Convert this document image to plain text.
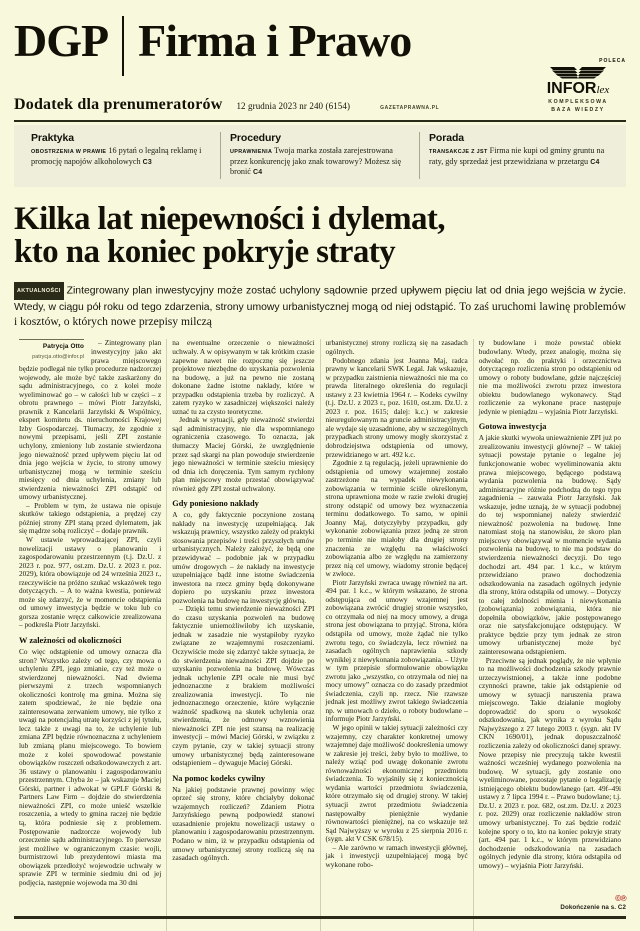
DGP Firma i Prawo	POLECA
INFORlex
KOMPLEKSOWA
BAZA WIEDZY
Dodatek dla prenumeratorów 12 grudnia 2023 nr 240 (6154)	GAZETAPRAWNA.PL
Praktyka
OBOSTRZENIA W PRAWIE 16 pytań o legalną reklamę i promocję napojów alkoholowych C3
Procedury
UPRAWNIENIA Twoja marka została zarejestrowana przez konkurencję jako znak towarowy? Możesz się bronić C4
Porada
TRANSAKCJE Z JST Firma nie kupi od gminy gruntu na raty, gdy sprzedaż jest przewidziana w przetargu C4
Kilka lat niepewności i dylemat,
kto na koniec pokryje straty
AKTUALNOŚCI Zintegrowany plan inwestycyjny może zostać uchylony sądownie przed upływem pięciu lat od dnia jego wejścia w życie. Wtedy, w ciągu pół roku od tego zdarzenia, strony umowy urbanistycznej mogą od niej odstąpić. To zaś uruchomi lawinę problemów i kosztów, o których nowe przepisy milczą
Patrycja Otto
patrycja.otto@infor.pl

– Zintegrowany plan inwestycyjny jako akt prawa miejscowego będzie podlegał nie tylko procedurze nadzorczej wojewody, ale może być także zaskarżony do sądu administracyjnego, co z kolei może wyeliminować go – w całości lub w części – z obrotu prawnego – mówi Piotr Jarzyński, prawnik z Kancelarii Jarzyński & Wspólnicy, ekspert komitetu ds. nieruchomości Krajowej Izby Gospodarczej. Tłumaczy, że zgodnie z nowymi przepisami, jeśli ZPI zostanie uchylony, zmieniony lub zostanie stwierdzona jego nieważność przed upływem pięciu lat od dnia jego wejścia w życie, to strony umowy urbanistycznej mogą w terminie sześciu miesięcy od dnia uchylenia, zmiany lub stwierdzenia nieważności ZPI odstąpić od umowy urbanistycznej.

– Problem w tym, że ustawa nie opisuje skutków takiego odstąpienia, a prędzej czy później strony ZPI staną przed dylematem, jak się mądrze sobą rozliczyć – dodaje prawnik.

W ustawie wprowadzającej ZPI, czyli nowelizacji ustawy o planowaniu i zagospodarowaniu przestrzennym (t.j. Dz.U. z 2023 r. poz. 977, ost.zm. Dz.U. z 2023 r. poz. 2029), która obowiązuje od 24 września 2023 r., rzeczywiście na próżno szukać wskazówek tego dotyczących. – A to ważna kwestia, ponieważ może się zdarzyć, że w momencie odstąpienia od umowy inwestycja będzie w toku lub co gorsza zostanie wręcz całkowicie zrealizowana – podkreśla Piotr Jarzyński.

W zależności od okoliczności

Co więc odstąpienie od umowy oznacza dla stron? Wszystko zależy od tego, czy mowa o uchyleniu ZPI, jego zmianie, czy też może o stwierdzonej nieważności. Nad dwiema pierwszymi z trzech wspomnianych okoliczności kontrolę ma gmina. Można się zatem spodziewać, że nie będzie ona zainteresowana zerwaniem umowy, nie tylko z uwagi na potencjalną utratę korzyści z jej tytułu, lecz także z uwagi na to, że uchylenie lub zmiana ZPI będzie równoznaczna z uchyleniem lub zmianą planu miejscowego. To bowiem może z kolei spowodować powstanie obowiązków roszczeń odszkodowawczych z art. 36 ustawy o planowaniu i zagospodarowaniu przestrzennym. Chyba że – jak wskazuje Maciej Górski, partner i adwokat w GPLF Górski & Partners Law Firm – dojdzie do stwierdzenia nieważności ZPI, co może unieść wszelkie roszczenia, a wtedy to gmina raczej nie będzie tą, która podniesie się z problemem. Postępowanie nadzorcze wojewody lub orzeczenie sądu administracyjnego. To pierwsze jest możliwe w ograniczonym czasie: wojli, burmistrzowi lub prezydentowi miasta ma obowiązek przedłożyć wojewodzie uchwały w sprawie ZPI w terminie siedmiu dni od jej podjęcia, następnie wojewoda ma 30 dni

na ewentualne orzeczenie o nieważności uchwały. A w opisywanym w tak krótkim czasie zapewne nawet nie rozpocznę się jeszcze projektowe niezbędne do uzyskania pozwolenia na budowę, a już na pewno nie zostaną dokonane żadne istotne nakłady, które w przypadku odstąpienia trzeba by rozliczyć. A zatem ryzyko w zasadniczej większości należy uznać tu za czysto teoretyczne.

Jednak w sytuacji, gdy nieważność stwierdzi sąd administracyjny, nie dla wspomnianego ograniczenia czasowego. To oznacza, jak tłumaczy Maciej Górski, że uwzględnienie przez sąd skargi na plan powoduje stwierdzenie jego nieważności w terminie sześciu miesięcy od dnia ich doręczenia. Tym samym rychłony plan miejscowy może przestać obowiązywać również gdy ZPI został uchwalony.

Gdy poniesiono nakłady

A co, gdy faktycznie poczynione zostaną nakłady na inwestycję uzupełniającą. Jak wskazują prawnicy, wszystko zależy od praktyki stosowania przepisów i treści przyszłych umów urbanistycznych. Należy założyć, że będą one przewidywać – podobnie jak w przypadku umów drogowych – że nakłady na inwestycje uzupełniające bądź inne istotne świadczenia inwestora na rzecz gminy będą dokonywane dopiero po uzyskaniu przez inwestora pozwolenia na budowę na inwestycję główną.

– Dzięki temu stwierdzenie nieważności ZPI do czasu uzyskania pozwoleń na budowę faktycznie uniemożliwiłoby ich uzyskanie, jednak w zasadzie nie wystąpiłoby ryzyko związane ze wzajemnymi roszczeniami. Oczywiście może się zdarzyć także sytuacja, że do stwierdzenia nieważności ZPI dojdzie po uzyskaniu pozwolenia na budowę. Wówczas jednak uchylenie ZPI ocale nie musi być jednoznaczne z brakiem możliwości zrealizowania inwestycji. To nie jednoznacznego orzeczenie, które wyłącznie ważność spadkową na skutek uchylenia oraz stwierdzenia, że odmowy wznowienia nieważności ZPI nie jest szansą na realizację inwestycji – mówi Maciej Górski, w związku z czym pytanie, czy w takiej sytuacji strony umowy urbanistycznej będą zainteresowane odstąpieniem – dywaguje Maciej Górski.

Na pomoc kodeks cywilny

Na jakiej podstawie prawnej powinny więc oprzeć się strony, które chciałyby dokonać wzajemnych rozliczeń? Zdaniem Piotra Jarzyńskiego pewną podpowiedź stanowi uzasadnienie projektu nowelizacji ustawy o planowaniu i zagospodarowaniu przestrzennym. Podano w nim, iż w przypadku odstąpienia od umowy urbanistycznej strony rozliczą się na zasadach ogólnych.

urbanistycznej strony rozliczą się na zasadach ogólnych.

Podobnego zdania jest Joanna Maj, radca prawny w kancelarii SWK Legal. Jak wskazuje, w przypadku zaistnienia nieważności nie ma co prawda literalnego określenia do regulacji ustawy z 23 kwietnia 1964 r. – Kodeks cywilny (t.j. Dz.U. z 2023 r., poz. 1610, ost.zm. Dz.U. z 2023 r. poz. 1615; dalej: k.c.) w zakresie nieuregulowanym na gruncie administracyjnym, ale wydaje się uzasadnione, aby w szczególnych przypadkach strony umowy mogły skorzystać z dobrodziejstwa odstąpienia od umowy, przewidzianego w art. 492 k.c.

Zgodnie z tą regulacją, jeżeli uprawnienie do odstąpienia od umowy wzajemnej zostało zastrzeżone na wypadek niewykonania zobowiązania w terminie ściśle określonym, strona uprawniona może w razie zwłoki drugiej strony odstąpić od umowy bez wyznaczenia terminu dodatkowego. To samo, w opinii Joanny Maj, dotyczyłyby przypadku, gdy wykonanie zobowiązania przez jedną ze stron po terminie nie miałoby dla drugiej strony znaczenia ze względu na właściwości zobowiązania albo ze względu na zamierzony przez nią cel umowy, wiadomy stronie będącej w zwłoce.

Piotr Jarzyński zwraca uwagę również na art. 494 par. 1 k.c., w którym wskazano, że strona odstępująca od umowy wzajemnej jest zobowiązana zwrócić drugiej stronie wszystko, co otrzymała od niej na mocy umowy, a druga strona jest obowiązana to przyjąć. Strona, która odstąpiła od umowy, może żądać nie tylko zwrotu tego, co świadczyła, lecz również na zasadach ogólnych naprawienia szkody wynikłej z niewykonania zobowiązania. – Użyte w tym przepisie sformułowanie obowiązku zwrotu jako „wszystko, co otrzymała od niej na mocy umowy” oznacza co do zasady przedmiot świadczenia, czyli np. rzecz. Nie rzawsze jednak jest możliwy zwrot takiego świadczenia np. w umowach o dzieło, o roboty budowlane – informuje Piotr Jarzyński.

W jego opinii w takiej sytuacji zależności czy wzajemny, czy charakter konkretnej umowy wzajemnej daje możliwość dookreślenia umowy w zakresie jej treści, żeby było to możliwe, to należy wziąć pod uwagę dokonanie zwrotu równoważności ekonomicznej przedmiotu świadczenia. To wyjaśniły się z koniecznością wydania wartości przedmiotu świadczenia, które otrzymało się od drugiej strony. W takiej sytuacji zwrot przedmiotu świadczenia następowałby pieniężnie wydanie równowartości pieniężnej, na co wskazuje też Sąd Najwyższy w wyroku z 25 sierpnia 2016 r. (sygn. akt V CSK 678/15).

– Ale zarówno w ramach inwestycji głównej, jak i inwestycji uzupełniającej mogą być wykonane robo-

ty budowlane i może powstać obiekt budowlany. Wtedy, przez analogię, można się odwołać np. do praktyki i orzecznictwa dotyczącego rozliczenia stron po odstąpieniu od umowy o roboty budowlane, gdzie najczęściej nie ma możliwości zwrotu przez inwestora obiektu budowlanego wykonawcy. Stąd rozliczenie za wykonane prace następuje jedynie w pieniądzu – wyjaśnia Piotr Jarzyński.

Gotowa inwestycja

A jakie skutki wywoła unieważnienie ZPI już po zrealizowaniu inwestycji głównej? – W takiej sytuacji powstaje pytanie o legalne jej funkcjonowanie wobec wyeliminowania aktu prawa miejscowego, będącego podstawą wydania pozwolenia na budowę. Sądy administracyjne różnie podchodzą do tego typu zagadnienia – zauważa Piotr Jarzyński. Jak wskazuje, jedne uznają, że w sytuacji podobnej do tej wspomnianej należy stwierdzić nieważność pozwolenia na budowę. Inne natomiast stoją na stanowisku, że skoro plan miejscowy obowiązywał w momencie wydania pozwolenia na budowę, to nie ma podstaw do stwierdzenia nieważności decyzji. Do tego dochodzi art. 494 par. 1 k.c., w którym przewidziano prawo dochodzenia odszkodowania na zasadach ogólnych jedynie dla strony, która odstąpiła od umowy. – Dotyczy to całej zdolności mienia i niewykonania (zobowiązania) zobowiązania, która nie dopełniła obowiązków, jakie postępowanego oraz nie satysfakcjonujące odstępujący. W praktyce będzie przy tym jednak ze stron umowy urbanistycznej może być zainteresowana odstąpieniem.

Przeciwne są jednak poglądy, że nie wpłynie to na możliwości dochodzenia szkody prawnie urzeczywistnionej, a także inne podobne czynności prawne, takie jak odstąpienie od umowy w sytuacji naruszenia prawa miejscowego. Takie działanie mogłoby doprowadzić do sporu o wysokość odszkodowania, jak wynika z wyroku Sądu Najwyższego z 27 lutego 2003 r. (sygn. akt IV CKN 1690/01), jednak dopuszczalność rozliczenia zależy od okoliczności danej sprawy. Nowe przepisy nie precyzują także kwestii ważności wcześniej wydanego pozwolenia na budowę. W sytuacji, gdy zostanie ono wyeliminowane, pozostaje pytanie o legalizację istniejącego obiektu budowlanego (art. 49f–49i ustawy z 7 lipca 1994 r. – Prawo budowlane; t.j. Dz.U. z 2023 r. poz. 682, ost.zm. Dz.U. z 2023 r. poz. 2029) oraz rozliczenie nakładów stron umowy urbanistycznej. To zaś będzie rodzić kolejne spory o to, kto na koniec pokryje straty (art. 494 par. 1 k.c., w którym przewidziano dochodzenie odszkodowania na zasadach ogólnych jedynie dla strony, która odstąpiła od umowy) – wyjaśnia Piotr Jarzyński.

©℗
Dokończenie na s. C2
